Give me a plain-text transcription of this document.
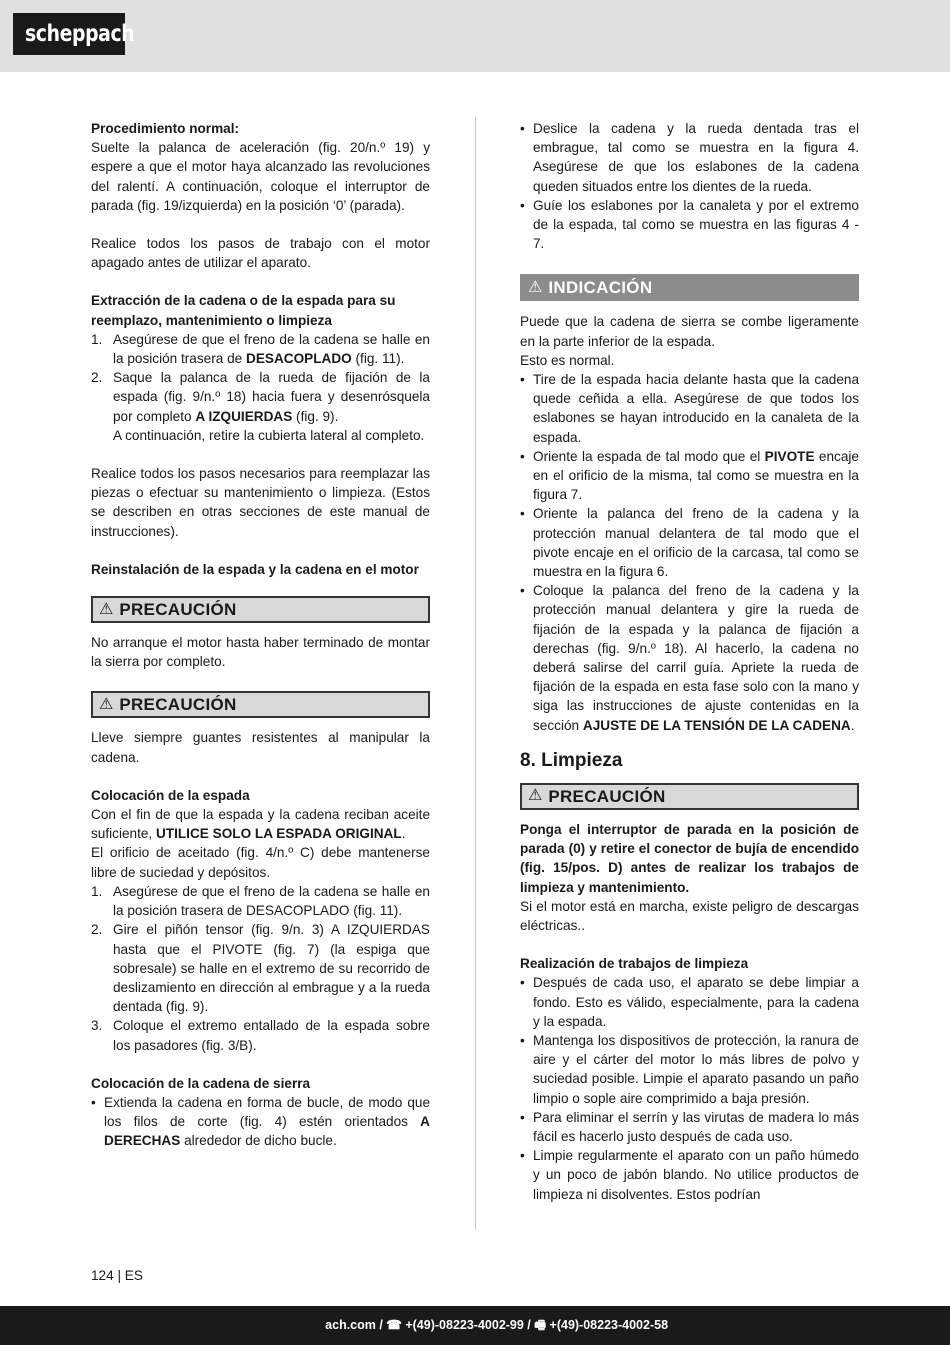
scheppach

Procedimiento normal:

Suelte la palanca de aceleración (fig. 20/n.º 19) y espere a que el motor haya alcanzado las revoluciones del ralentí. A continuación, coloque el interruptor de parada (fig. 19/izquierda) en la posición ‘0’ (parada).

Realice todos los pasos de trabajo con el motor apagado antes de utilizar el aparato.

Extracción de la cadena o de la espada para su reemplazo, mantenimiento o limpieza

1. Asegúrese de que el freno de la cadena se halle en la posición trasera de DESACOPLADO (fig. 11).
2. Saque la palanca de la rueda de fijación de la espada (fig. 9/n.º 18) hacia fuera y desenrósquela por completo A IZQUIERDAS (fig. 9).

A continuación, retire la cubierta lateral al completo.

Realice todos los pasos necesarios para reemplazar las piezas o efectuar su mantenimiento o limpieza. (Estos se describen en otras secciones de este manual de instrucciones).

Reinstalación de la espada y la cadena en el motor

⚠ PRECAUCIÓN

No arranque el motor hasta haber terminado de montar la sierra por completo.

⚠ PRECAUCIÓN

Lleve siempre guantes resistentes al manipular la cadena.

Colocación de la espada

Con el fin de que la espada y la cadena reciban aceite suficiente, UTILICE SOLO LA ESPADA ORIGINAL.

El orificio de aceitado (fig. 4/n.º C) debe mantenerse libre de suciedad y depósitos.

1. Asegúrese de que el freno de la cadena se halle en la posición trasera de DESACOPLADO (fig. 11).
2. Gire el piñón tensor (fig. 9/n. 3) A IZQUIERDAS hasta que el PIVOTE (fig. 7) (la espiga que sobresale) se halle en el extremo de su recorrido de deslizamiento en dirección al embrague y a la rueda dentada (fig. 9).
3. Coloque el extremo entallado de la espada sobre los pasadores (fig. 3/B).

Colocación de la cadena de sierra

• Extienda la cadena en forma de bucle, de modo que los filos de corte (fig. 4) estén orientados A DERECHAS alrededor de dicho bucle.
• Deslice la cadena y la rueda dentada tras el embrague, tal como se muestra en la figura 4. Asegúrese de que los eslabones de la cadena queden situados entre los dientes de la rueda.
• Guíe los eslabones por la canaleta y por el extremo de la espada, tal como se muestra en las figuras 4 - 7.
⚠ INDICACIÓN

Puede que la cadena de sierra se combe ligeramente en la parte inferior de la espada.

Esto es normal.

• Tire de la espada hacia delante hasta que la cadena quede ceñida a ella. Asegúrese de que todos los eslabones se hayan introducido en la canaleta de la espada.
• Oriente la espada de tal modo que el PIVOTE encaje en el orificio de la misma, tal como se muestra en la figura 7.
• Oriente la palanca del freno de la cadena y la protección manual delantera de tal modo que el pivote encaje en el orificio de la carcasa, tal como se muestra en la figura 6.
• Coloque la palanca del freno de la cadena y la protección manual delantera y gire la rueda de fijación de la espada y la palanca de fijación a derechas (fig. 9/n.º 18). Al hacerlo, la cadena no deberá salirse del carril guía. Apriete la rueda de fijación de la espada en esta fase solo con la mano y siga las instrucciones de ajuste contenidas en la sección AJUSTE DE LA TENSIÓN DE LA CADENA.
8. Limpieza
⚠ PRECAUCIÓN

Ponga el interruptor de parada en la posición de parada (0) y retire el conector de bujía de encendido (fig. 15/pos. D) antes de realizar los trabajos de limpieza y mantenimiento.

Si el motor está en marcha, existe peligro de descargas eléctricas..

Realización de trabajos de limpieza

• Después de cada uso, el aparato se debe limpiar a fondo. Esto es válido, especialmente, para la cadena y la espada.
• Mantenga los dispositivos de protección, la ranura de aire y el cárter del motor lo más libres de polvo y suciedad posible. Limpie el aparato pasando un paño limpio o sople aire comprimido a baja presión.
• Para eliminar el serrín y las virutas de madera lo más fácil es hacerlo justo después de cada uso.
• Limpie regularmente el aparato con un paño húmedo y un poco de jabón blando. No utilice productos de limpieza ni disolventes. Estos podrían
124 | ES
ach.com / ☎ +(49)-08223-4002-99 / 🖷 +(49)-08223-4002-58
